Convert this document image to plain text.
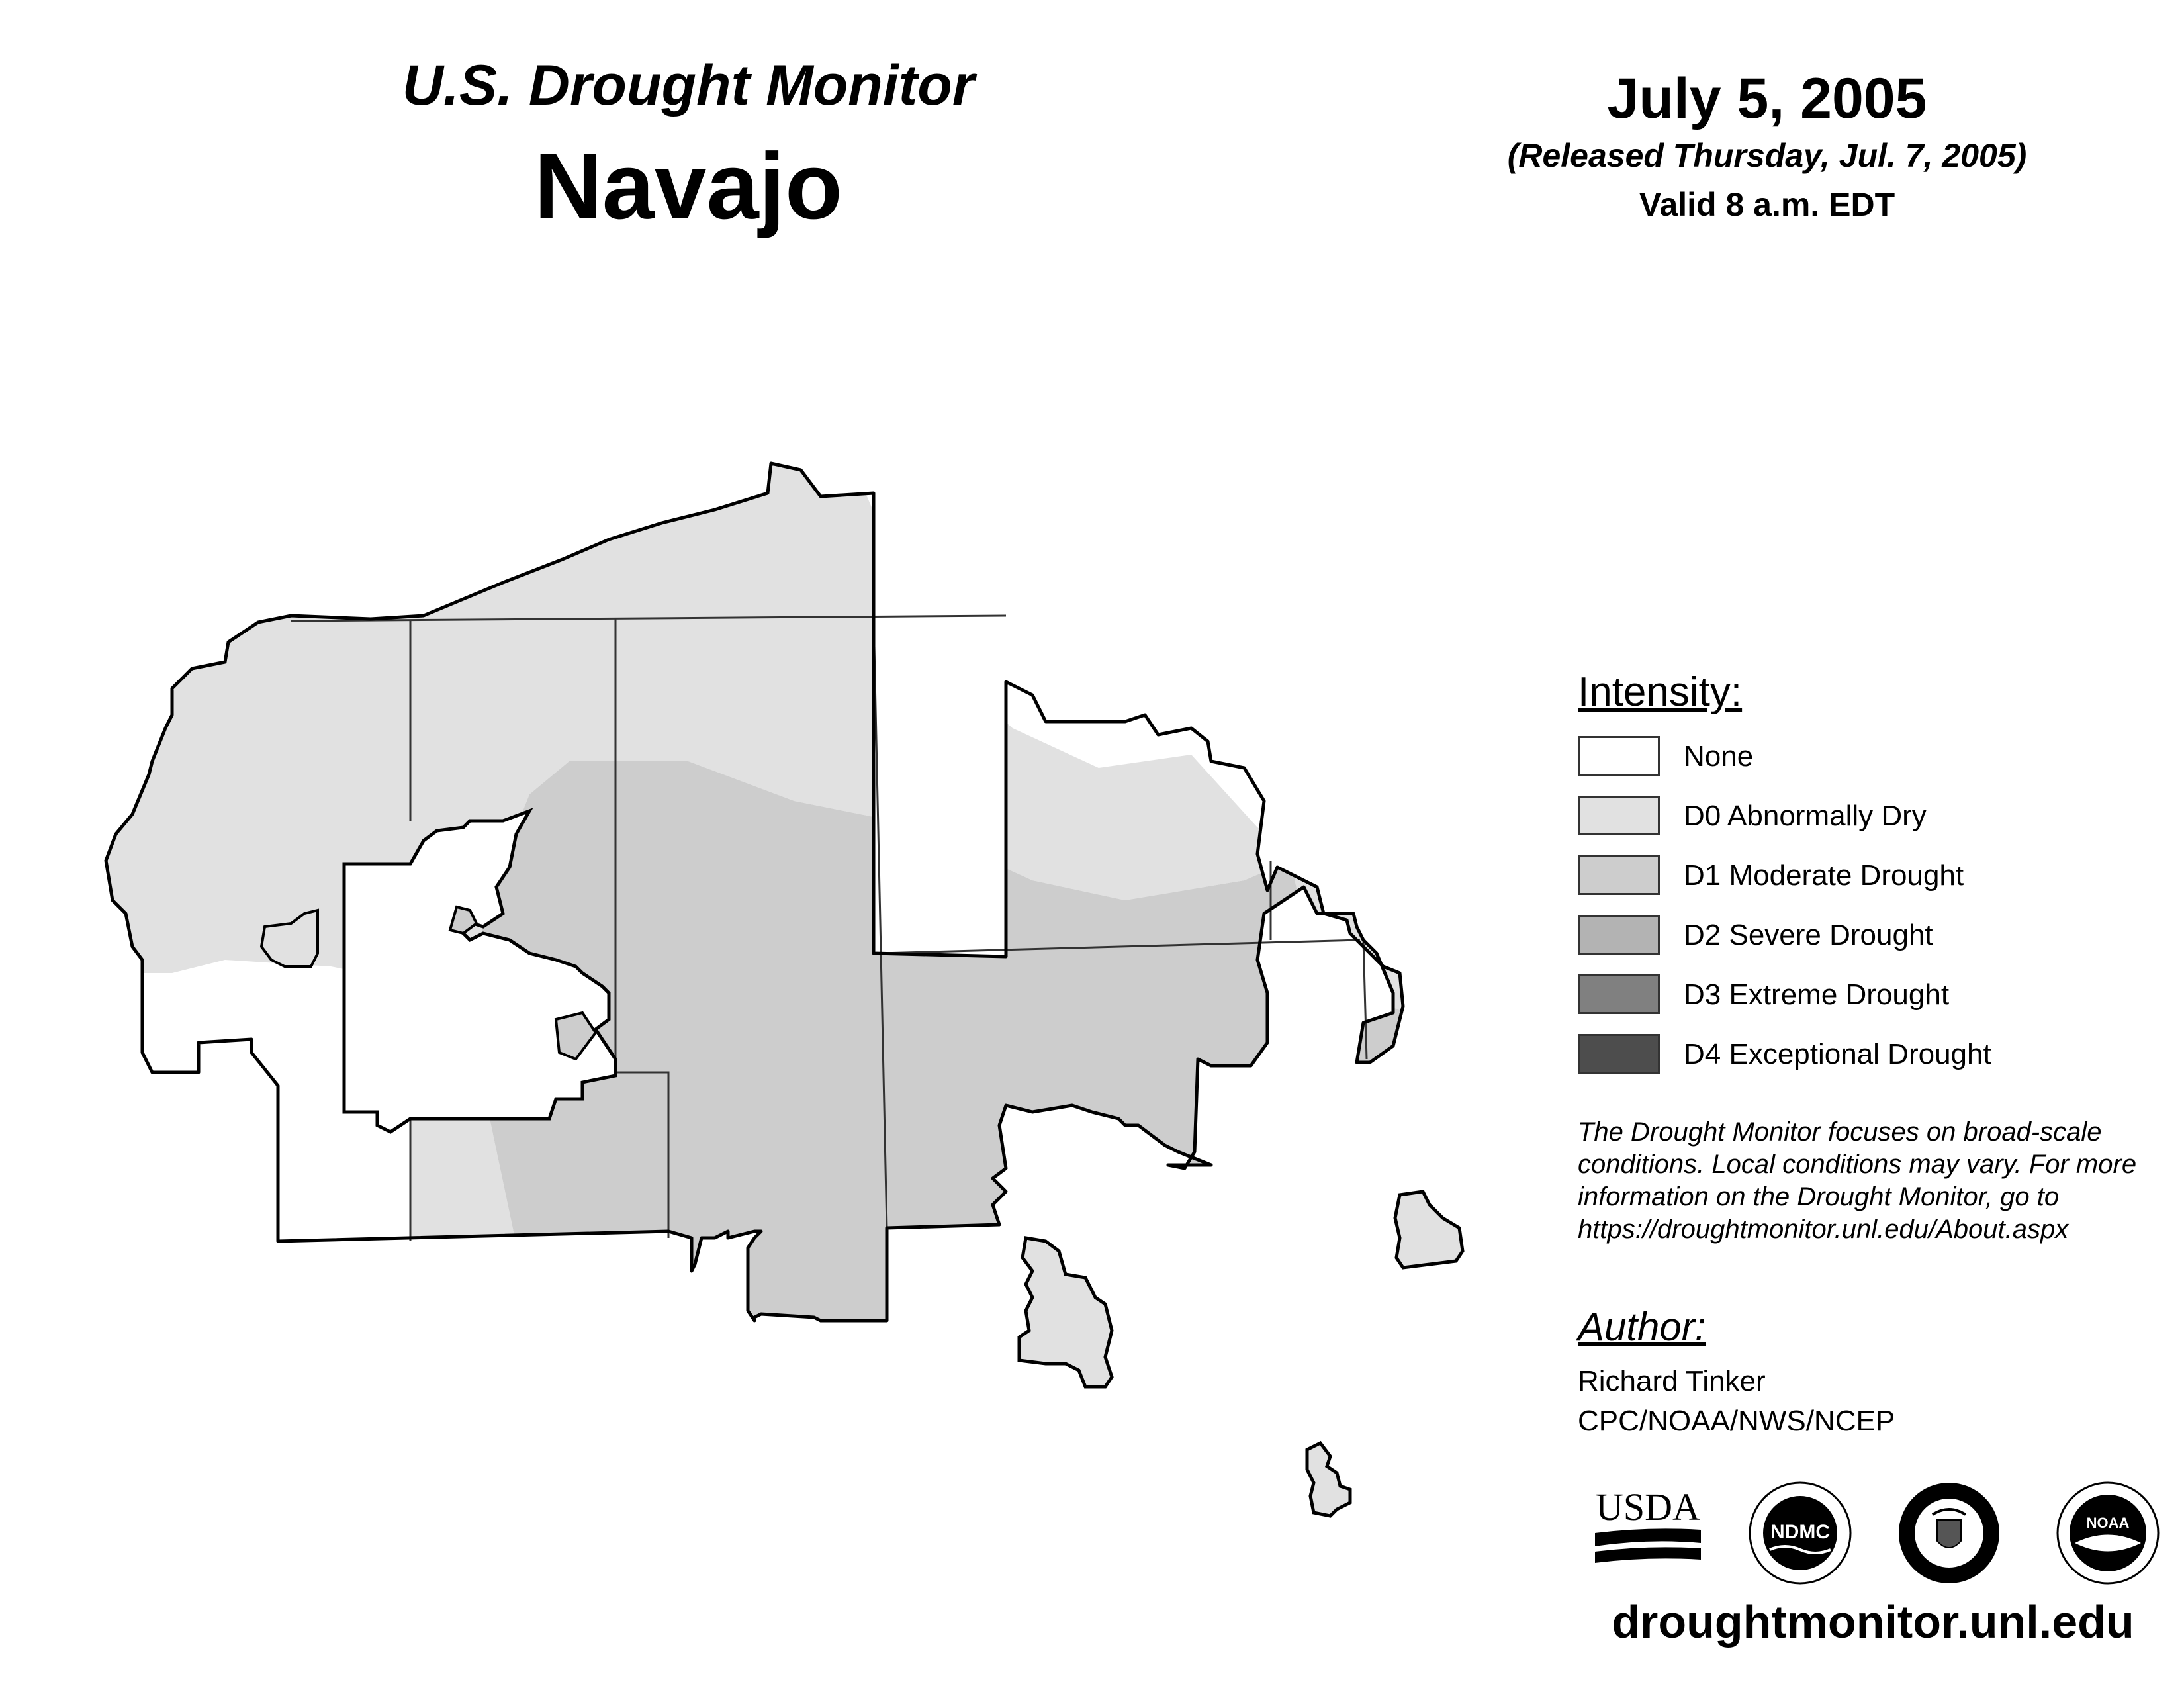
U.S. Drought Monitor
Navajo
July 5, 2005
(Released Thursday, Jul. 7, 2005)
Valid 8 a.m. EDT
Intensity:
None
D0 Abnormally Dry
D1 Moderate Drought
D2 Severe Drought
D3 Extreme Drought
D4 Exceptional Drought
The Drought Monitor focuses on broad-scale
conditions. Local conditions may vary. For more
information on the Drought Monitor, go to
https://droughtmonitor.unl.edu/About.aspx
Author:
Richard Tinker
CPC/NOAA/NWS/NCEP
USDA
NDMC	NOAA
droughtmonitor.unl.edu
